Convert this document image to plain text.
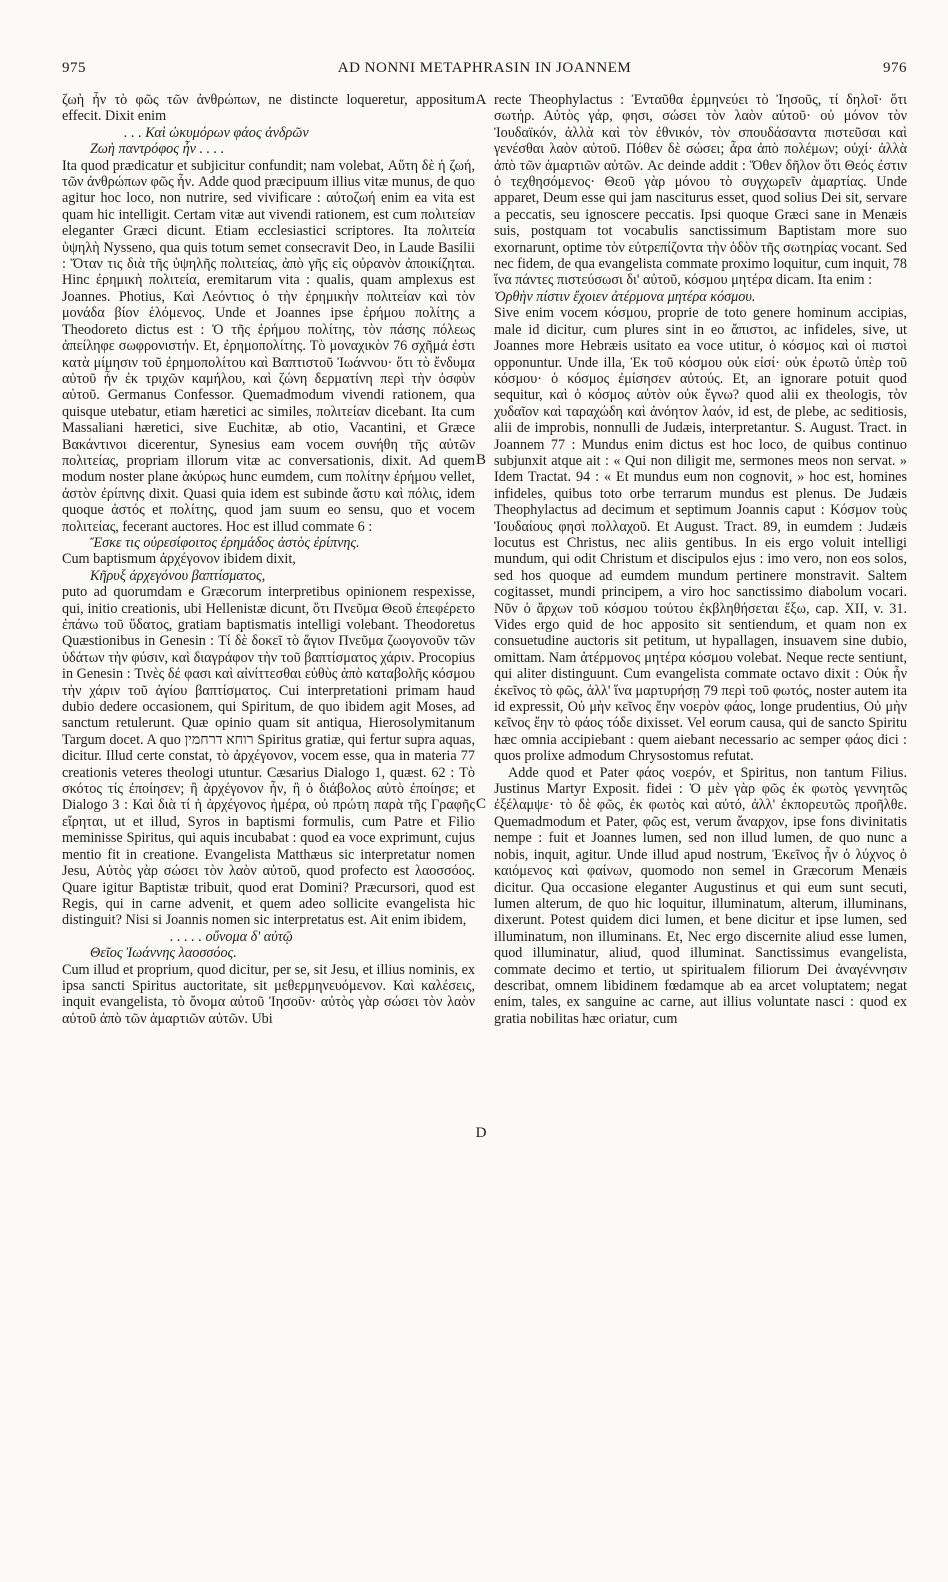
975	AD NONNI METAPHRASIN IN JOANNEM	976

ζωὴ ἦν τὸ φῶς τῶν ἀνθρώπων, ne distincte loqueretur, appositum effecit. Dixit enim

. . . Καὶ ὠκυμόρων φάος ἀνδρῶν

Ζωὴ παντρόφος ἦν . . . .

Ita quod prædicatur et subjicitur confundit; nam volebat, Αὕτη δὲ ἡ ζωή, τῶν ἀνθρώπων φῶς ἦν. Adde quod præcipuum illius vitæ munus, de quo agitur hoc loco, non nutrire, sed vivificare : αὐτοζωή enim ea vita est quam hic intelligit. Certam vitæ aut vivendi rationem, est cum πολιτείαν eleganter Græci dicunt. Etiam ecclesiastici scriptores. Ita πολιτεία ὑψηλὴ Nysseno, qua quis totum semet consecravit Deo, in Laude Basilii : Ὅταν τις διὰ τῆς ὑψηλῆς πολιτείας, ἀπὸ γῆς εἰς οὐρανὸν ἀποικίζηται. Hinc ἐρημικὴ πολιτεία, eremitarum vita : qualis, quam amplexus est Joannes. Photius, Καὶ Λεόντιος ὁ τὴν ἐρημικὴν πολιτείαν καὶ τὸν μονάδα βίον ἑλόμενος. Unde et Joannes ipse ἐρήμου πολίτης a Theodoreto dictus est : Ὁ τῆς ἐρήμου πολίτης, τὸν πάσης πόλεως ἀπείληφε σωφρονιστήν. Et, ἐρημοπολίτης. Τὸ μοναχικὸν 76 σχῆμά ἐστι κατὰ μίμησιν τοῦ ἐρημοπολίτου καὶ Βαπτιστοῦ Ἰωάννου· ὅτι τὸ ἔνδυμα αὐτοῦ ἦν ἐκ τριχῶν καμήλου, καὶ ζώνη δερματίνη περὶ τὴν ὀσφὺν αὐτοῦ. Germanus Confessor. Quemadmodum vivendi rationem, qua quisque utebatur, etiam hæretici ac similes, πολιτείαν dicebant. Ita cum Massaliani hæretici, sive Euchitæ, ab otio, Vacantini, et Græce Βακάντινοι dicerentur, Synesius eam vocem συνήθη τῆς αὐτῶν πολιτείας, propriam illorum vitæ ac conversationis, dixit. Ad quem modum noster plane ἀκύρως hunc eumdem, cum πολίτην ἐρήμου vellet, ἀστὸν ἐρίπνης dixit. Quasi quia idem est subinde ἄστυ καὶ πόλις, idem quoque ἀστός et πολίτης, quod jam suum eo sensu, quo et vocem πολιτείας, fecerant auctores. Hoc est illud commate 6 :

Ἔσκε τις οὐρεσίφοιτος ἐρημάδος ἀστὸς ἐρίπνης.

Cum baptismum ἀρχέγονον ibidem dixit,

Κῆρυξ ἀρχεγόνου βαπτίσματος,

puto ad quorumdam e Græcorum interpretibus opinionem respexisse, qui, initio creationis, ubi Hellenistæ dicunt, ὅτι Πνεῦμα Θεοῦ ἐπεφέρετο ἐπάνω τοῦ ὕδατος, gratiam baptismatis intelligi volebant. Theodoretus Quæstionibus in Genesin : Τί δὲ δοκεῖ τὸ ἅγιον Πνεῦμα ζωογονοῦν τῶν ὑδάτων τὴν φύσιν, καὶ διαγράφον τὴν τοῦ βαπτίσματος χάριν. Procopius in Genesin : Τινὲς δέ φασι καὶ αἰνίττεσθαι εὐθὺς ἀπὸ καταβολῆς κόσμου τὴν χάριν τοῦ ἁγίου βαπτίσματος. Cui interpretationi primam haud dubio dedere occasionem, qui Spiritum, de quo ibidem agit Moses, ad sanctum retulerunt. Quæ opinio quam sit antiqua, Hierosolymitanum Targum docet. A quo רוחא דרחמין Spiritus gratiæ, qui fertur supra aquas, dicitur. Illud certe constat, τὸ ἀρχέγονον, vocem esse, qua in materia 77 creationis veteres theologi utuntur. Cæsarius Dialogo 1, quæst. 62 : Τὸ σκότος τίς ἐποίησεν; ἢ ἀρχέγονον ἦν, ἢ ὁ διάβολος αὐτὸ ἐποίησε; et Dialogo 3 : Καὶ διὰ τί ἡ ἀρχέγονος ἡμέρα, οὐ πρώτη παρὰ τῆς Γραφῆς εἴρηται, ut et illud, Syros in baptismi formulis, cum Patre et Filio meminisse Spiritus, qui aquis incubabat : quod ea voce exprimunt, cujus mentio fit in creatione. Evangelista Matthæus sic interpretatur nomen Jesu, Αὐτὸς γὰρ σώσει τὸν λαὸν αὐτοῦ, quod profecto est λαοσσόος. Quare igitur Baptistæ tribuit, quod erat Domini? Præcursori, quod est Regis, qui in carne advenit, et quem adeo sollicite evangelista hic distinguit? Nisi si Joannis nomen sic interpretatus est. Ait enim ibidem,

. . . . . οὔνομα δ' αὐτῷ

Θεῖος Ἰωάννης λαοσσόος.

Cum illud et proprium, quod dicitur, per se, sit Jesu, et illius nominis, ex ipsa sancti Spiritus auctoritate, sit μεθερμηνευόμενον. Καὶ καλέσεις, inquit evangelista, τὸ ὄνομα αὐτοῦ Ἰησοῦν· αὐτὸς γὰρ σώσει τὸν λαὸν αὐτοῦ ἀπὸ τῶν ἁμαρτιῶν αὐτῶν. Ubi

A
B
C
D

recte Theophylactus : Ἐνταῦθα ἑρμηνεύει τὸ Ἰησοῦς, τί δηλοῖ· ὅτι σωτήρ. Αὐτὸς γάρ, φησι, σώσει τὸν λαὸν αὐτοῦ· οὐ μόνον τὸν Ἰουδαϊκόν, ἀλλὰ καὶ τὸν ἐθνικόν, τὸν σπουδάσαντα πιστεῦσαι καὶ γενέσθαι λαὸν αὐτοῦ. Πόθεν δὲ σώσει; ἆρα ἀπὸ πολέμων; οὐχί· ἀλλὰ ἀπὸ τῶν ἁμαρτιῶν αὐτῶν. Ac deinde addit : Ὅθεν δῆλον ὅτι Θεός ἐστιν ὁ τεχθησόμενος· Θεοῦ γὰρ μόνου τὸ συγχωρεῖν ἁμαρτίας. Unde apparet, Deum esse qui jam nasciturus esset, quod solius Dei sit, servare a peccatis, seu ignoscere peccatis. Ipsi quoque Græci sane in Menæis suis, postquam tot vocabulis sanctissimum Baptistam more suo exornarunt, optime τὸν εὐτρεπίζοντα τὴν ὁδὸν τῆς σωτηρίας vocant. Sed nec fidem, de qua evangelista commate proximo loquitur, cum inquit, 78 ἵνα πάντες πιστεύσωσι δι' αὐτοῦ, κόσμου μητέρα dicam. Ita enim :

Ὀρθὴν πίστιν ἔχοιεν ἀτέρμονα μητέρα κόσμου.

Sive enim vocem κόσμου, proprie de toto genere hominum accipias, male id dicitur, cum plures sint in eo ἄπιστοι, ac infideles, sive, ut Joannes more Hebræis usitato ea voce utitur, ὁ κόσμος καὶ οἱ πιστοὶ opponuntur. Unde illa, Ἐκ τοῦ κόσμου οὐκ εἰσί· οὐκ ἐρωτῶ ὑπὲρ τοῦ κόσμου· ὁ κόσμος ἐμίσησεν αὐτούς. Et, an ignorare potuit quod sequitur, καὶ ὁ κόσμος αὐτὸν οὐκ ἔγνω? quod alii ex theologis, τὸν χυδαῖον καὶ ταραχώδη καὶ ἀνόητον λαόν, id est, de plebe, ac seditiosis, alii de improbis, nonnulli de Judæis, interpretantur. S. August. Tract. in Joannem 77 : Mundus enim dictus est hoc loco, de quibus continuo subjunxit atque ait : « Qui non diligit me, sermones meos non servat. » Idem Tractat. 94 : « Et mundus eum non cognovit, » hoc est, homines infideles, quibus toto orbe terrarum mundus est plenus. De Judæis Theophylactus ad decimum et septimum Joannis caput : Κόσμον τοὺς Ἰουδαίους φησὶ πολλαχοῦ. Et August. Tract. 89, in eumdem : Judæis locutus est Christus, nec aliis gentibus. In eis ergo voluit intelligi mundum, qui odit Christum et discipulos ejus : imo vero, non eos solos, sed hos quoque ad eumdem mundum pertinere monstravit. Saltem cogitasset, mundi principem, a viro hoc sanctissimo diabolum vocari. Νῦν ὁ ἄρχων τοῦ κόσμου τούτου ἐκβληθήσεται ἔξω, cap. XII, v. 31. Vides ergo quid de hoc apposito sit sentiendum, et quam non ex consuetudine auctoris sit petitum, ut hypallagen, insuavem sine dubio, omittam. Nam ἀτέρμονος μητέρα κόσμου volebat. Neque recte sentiunt, qui aliter distinguunt. Cum evangelista commate octavo dixit : Οὐκ ἦν ἐκεῖνος τὸ φῶς, ἀλλ' ἵνα μαρτυρήσῃ 79 περὶ τοῦ φωτός, noster autem ita id expressit, Οὐ μὴν κεῖνος ἔην νοερὸν φάος, longe prudentius, Οὐ μὴν κεῖνος ἔην τὸ φάος τόδε dixisset. Vel eorum causa, qui de sancto Spiritu hæc omnia accipiebant : quem aiebant necessario ac semper φάος dici : quos prolixe admodum Chrysostomus refutat.

Adde quod et Pater φάος νοερόν, et Spiritus, non tantum Filius. Justinus Martyr Exposit. fidei : Ὁ μὲν γὰρ φῶς ἐκ φωτὸς γεννητῶς ἐξέλαμψε· τὸ δὲ φῶς, ἐκ φωτὸς καὶ αὐτό, ἀλλ' ἐκπορευτῶς προῆλθε. Quemadmodum et Pater, φῶς est, verum ἄναρχον, ipse fons divinitatis nempe : fuit et Joannes lumen, sed non illud lumen, de quo nunc a nobis, inquit, agitur. Unde illud apud nostrum, Ἐκεῖνος ἦν ὁ λύχνος ὁ καιόμενος καὶ φαίνων, quomodo non semel in Græcorum Menæis dicitur. Qua occasione eleganter Augustinus et qui eum sunt secuti, lumen alterum, de quo hic loquitur, illuminatum, alterum, illuminans, dixerunt. Potest quidem dici lumen, et bene dicitur et ipse lumen, sed illuminatum, non illuminans. Et, Nec ergo discernite aliud esse lumen, quod illuminatur, aliud, quod illuminat. Sanctissimus evangelista, commate decimo et tertio, ut spiritualem filiorum Dei ἀναγέννησιν describat, omnem libidinem fœdamque ab ea arcet voluptatem; negat enim, tales, ex sanguine ac carne, aut illius voluntate nasci : quod ex gratia nobilitas hæc oriatur, cum
